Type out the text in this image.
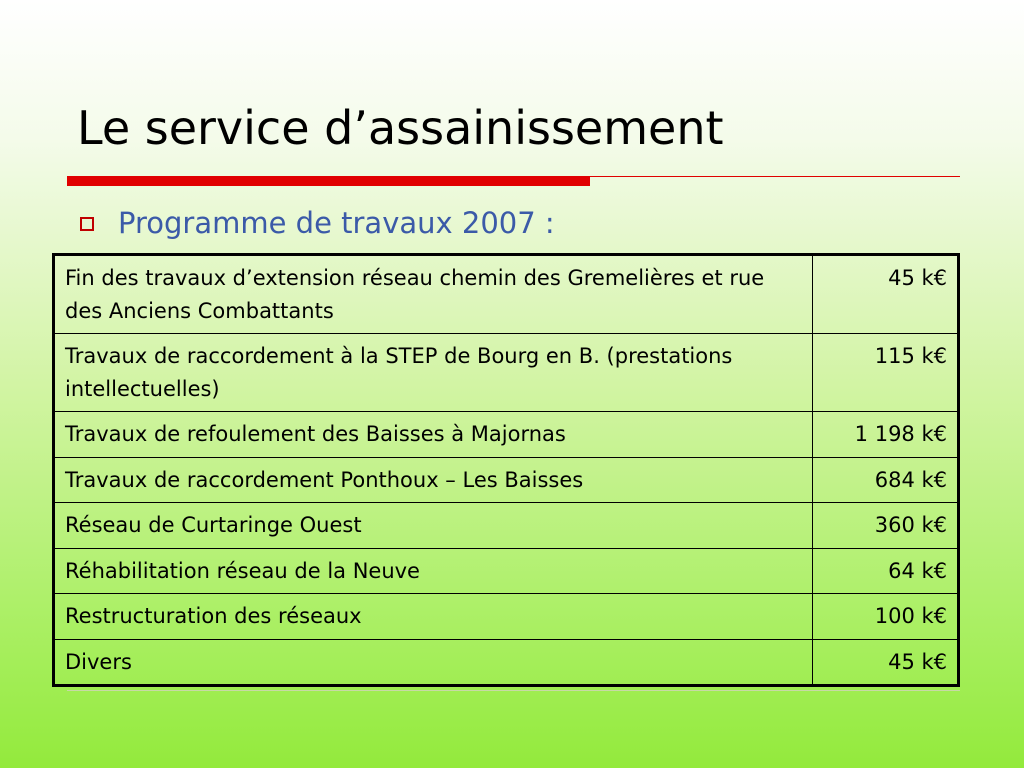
Le service d’assainissement
Programme de travaux 2007 :
Fin des travaux d’extension réseau chemin des Gremelières et rue des Anciens Combattants	45 k€
Travaux de raccordement à la STEP de Bourg en B. (prestations intellectuelles)	115 k€
Travaux de refoulement des Baisses à Majornas	1 198 k€
Travaux de raccordement Ponthoux – Les Baisses	684 k€
Réseau de Curtaringe Ouest	360 k€
Réhabilitation réseau de la Neuve	64 k€
Restructuration des réseaux	100 k€
Divers	45 k€
